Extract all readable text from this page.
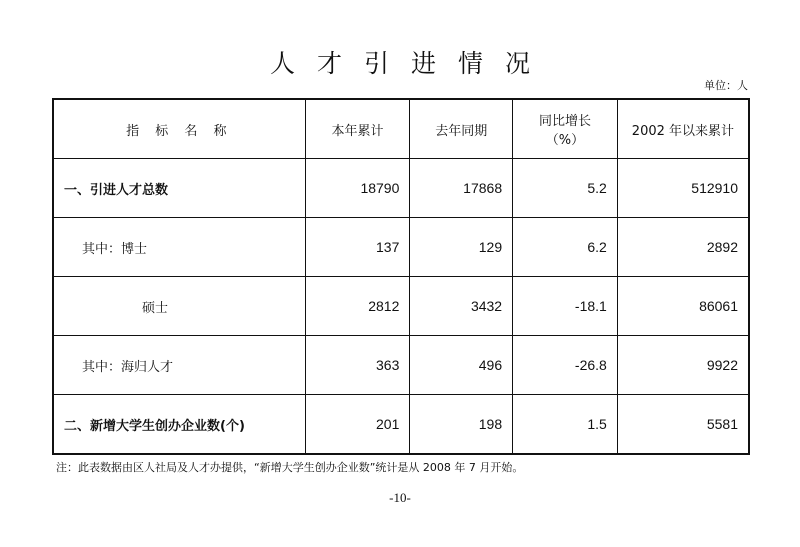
人才引进情况
单位：人
指 标 名 称	本年累计	去年同期	同比增长（%）	2002 年以来累计
一、引进人才总数	18790	17868	5.2	512910
其中：博士	137	129	6.2	2892
硕士	2812	3432	-18.1	86061
其中：海归人才	363	496	-26.8	9922
二、新增大学生创办企业数(个)	201	198	1.5	5581
注：此表数据由区人社局及人才办提供，“新增大学生创办企业数”统计是从 2008 年 7 月开始。
-10-
